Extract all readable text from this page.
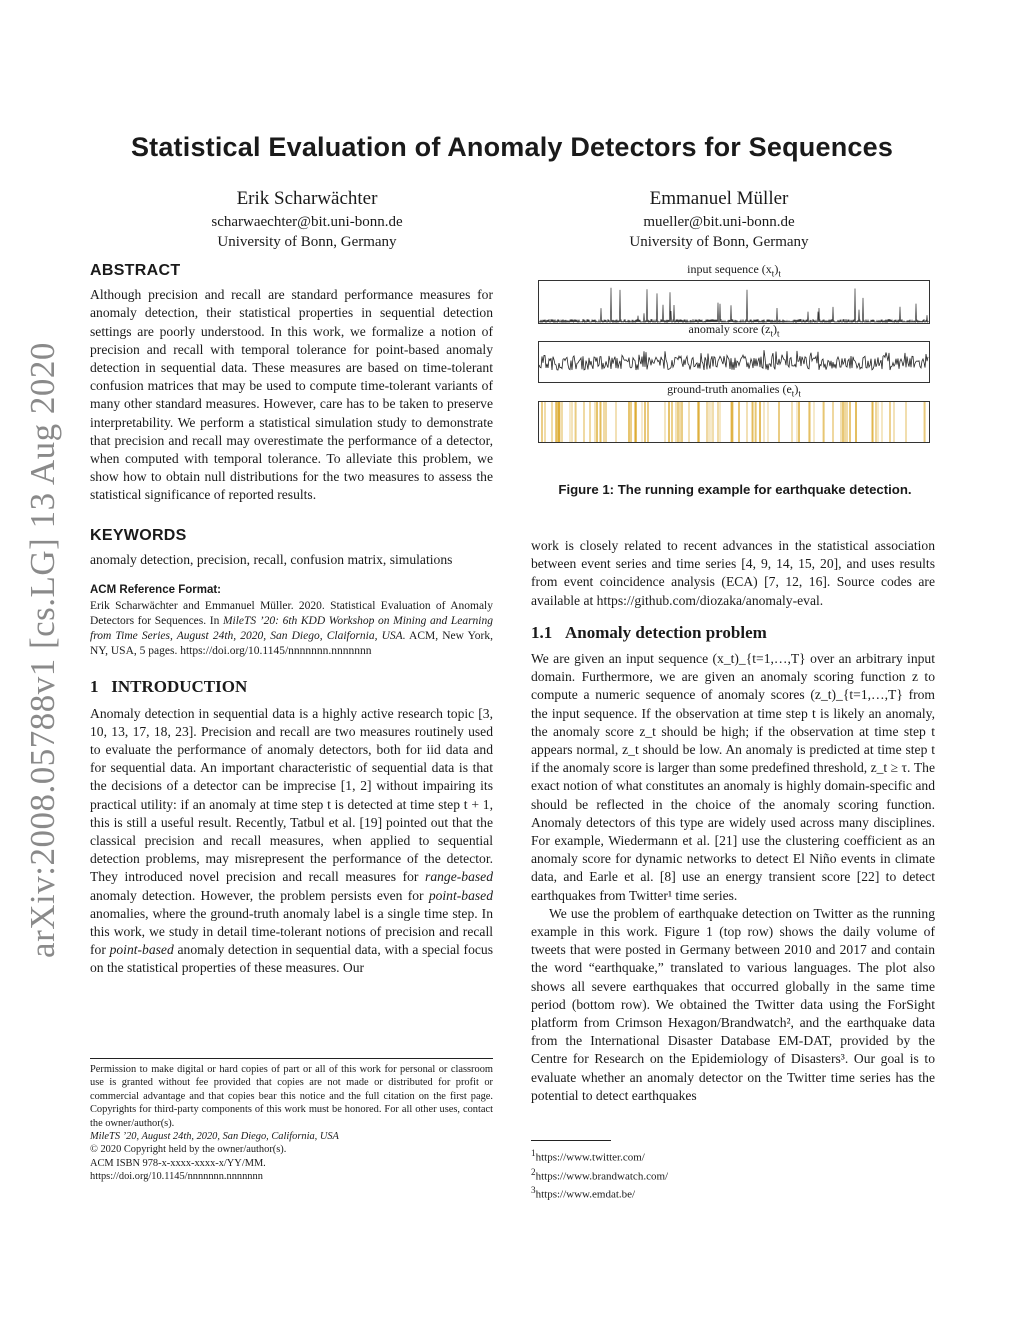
arXiv:2008.05788v1 [cs.LG] 13 Aug 2020
Statistical Evaluation of Anomaly Detectors for Sequences
Erik Scharwächter
scharwaechter@bit.uni-bonn.de
University of Bonn, Germany
Emmanuel Müller
mueller@bit.uni-bonn.de
University of Bonn, Germany
ABSTRACT

Although precision and recall are standard performance measures for anomaly detection, their statistical properties in sequential detection settings are poorly understood. In this work, we formalize a notion of precision and recall with temporal tolerance for point-based anomaly detection in sequential data. These measures are based on time-tolerant confusion matrices that may be used to compute time-tolerant variants of many other standard measures. However, care has to be taken to preserve interpretability. We perform a statistical simulation study to demonstrate that precision and recall may overestimate the performance of a detector, when computed with temporal tolerance. To alleviate this problem, we show how to obtain null distributions for the two measures to assess the statistical significance of reported results.

KEYWORDS

anomaly detection, precision, recall, confusion matrix, simulations

ACM Reference Format:
Erik Scharwächter and Emmanuel Müller. 2020. Statistical Evaluation of Anomaly Detectors for Sequences. In MileTS ’20: 6th KDD Workshop on Mining and Learning from Time Series, August 24th, 2020, San Diego, Claifornia, USA. ACM, New York, NY, USA, 5 pages. https://doi.org/10.1145/nnnnnnn.nnnnnnn
1 INTRODUCTION

Anomaly detection in sequential data is a highly active research topic [3, 10, 13, 17, 18, 23]. Precision and recall are two measures routinely used to evaluate the performance of anomaly detectors, both for iid data and for sequential data. An important characteristic of sequential data is that the decisions of a detector can be imprecise [1, 2] without impairing its practical utility: if an anomaly at time step t is detected at time step t + 1, this is still a useful result. Recently, Tatbul et al. [19] pointed out that the classical precision and recall measures, when applied to sequential detection problems, may misrepresent the performance of the detector. They introduced novel precision and recall measures for range-based anomaly detection. However, the problem persists even for point-based anomalies, where the ground-truth anomaly label is a single time step. In this work, we study in detail time-tolerant notions of precision and recall for point-based anomaly detection in sequential data, with a special focus on the statistical properties of these measures. Our

Permission to make digital or hard copies of part or all of this work for personal or classroom use is granted without fee provided that copies are not made or distributed for profit or commercial advantage and that copies bear this notice and the full citation on the first page. Copyrights for third-party components of this work must be honored. For all other uses, contact the owner/author(s).
MileTS ’20, August 24th, 2020, San Diego, California, USA
© 2020 Copyright held by the owner/author(s).
ACM ISBN 978-x-xxxx-xxxx-x/YY/MM.
https://doi.org/10.1145/nnnnnnn.nnnnnnn
input sequence $(x_t)_t$
anomaly score $(z_t)_t$
ground-truth anomalies $(e_t)_t$
Figure 1: The running example for earthquake detection.

work is closely related to recent advances in the statistical association between event series and time series [4, 9, 14, 15, 20], and uses results from event coincidence analysis (ECA) [7, 12, 16]. Source codes are available at https://github.com/diozaka/anomaly-eval.

1.1 Anomaly detection problem

We are given an input sequence (x_t)_{t=1,…,T} over an arbitrary input domain. Furthermore, we are given an anomaly scoring function z to compute a numeric sequence of anomaly scores (z_t)_{t=1,…,T} from the input sequence. If the observation at time step t is likely an anomaly, the anomaly score z_t should be high; if the observation at time step t appears normal, z_t should be low. An anomaly is predicted at time step t if the anomaly score is larger than some predefined threshold, z_t ≥ τ. The exact notion of what constitutes an anomaly is highly domain-specific and should be reflected in the choice of the anomaly scoring function. Anomaly detectors of this type are widely used across many disciplines. For example, Wiedermann et al. [21] use the clustering coefficient as an anomaly score for dynamic networks to detect El Niño events in climate data, and Earle et al. [8] use an energy transient score [22] to detect earthquakes from Twitter¹ time series.

We use the problem of earthquake detection on Twitter as the running example in this work. Figure 1 (top row) shows the daily volume of tweets that were posted in Germany between 2010 and 2017 and contain the word “earthquake,” translated to various languages. The plot also shows all severe earthquakes that occurred globally in the same time period (bottom row). We obtained the Twitter data using the ForSight platform from Crimson Hexagon/Brandwatch², and the earthquake data from the International Disaster Database EM-DAT, provided by the Centre for Research on the Epidemiology of Disasters³. Our goal is to evaluate whether an anomaly detector on the Twitter time series has the potential to detect earthquakes

$^1$https://www.twitter.com/
$^2$https://www.brandwatch.com/
$^3$https://www.emdat.be/
